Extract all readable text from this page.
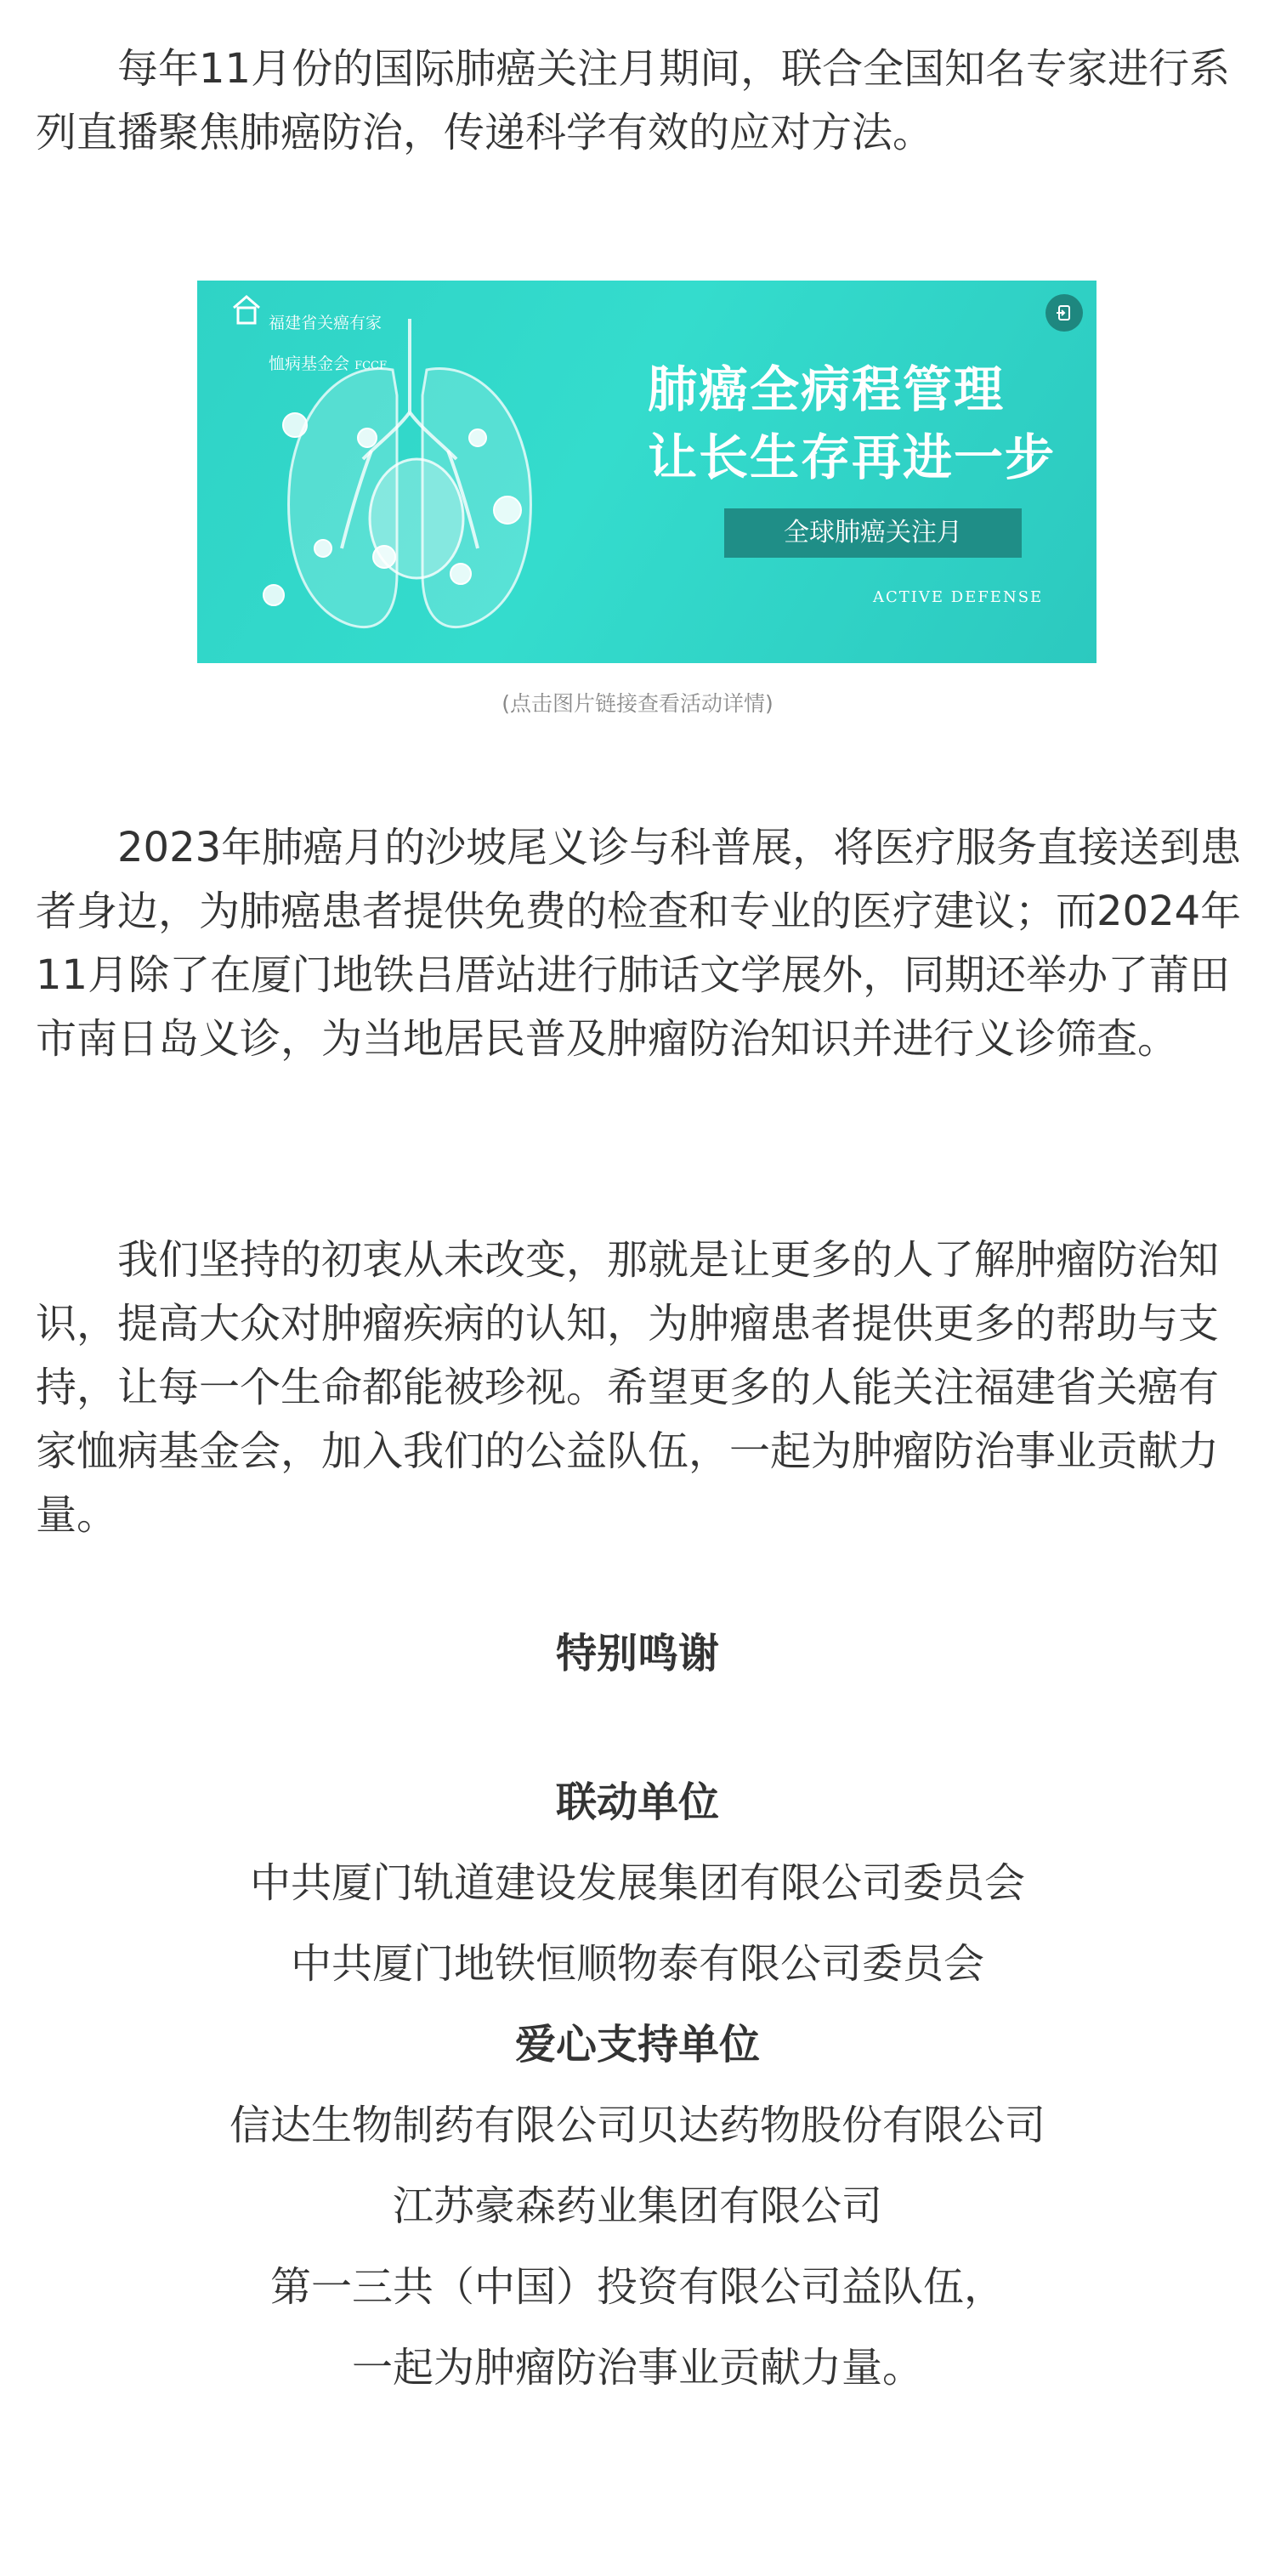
每年11月份的国际肺癌关注月期间，联合全国知名专家进行系列直播聚焦肺癌防治，传递科学有效的应对方法。

福建省关癌有家

恤病基金会 FCCF	肺癌全病程管理
让长生存再进一步
全球肺癌关注月
ACTIVE DEFENSE
(点击图片链接查看活动详情)

2023年肺癌月的沙坡尾义诊与科普展，将医疗服务直接送到患者身边，为肺癌患者提供免费的检查和专业的医疗建议；而2024年11月除了在厦门地铁吕厝站进行肺话文学展外，同期还举办了莆田市南日岛义诊，为当地居民普及肿瘤防治知识并进行义诊筛查。

我们坚持的初衷从未改变，那就是让更多的人了解肿瘤防治知识，提高大众对肿瘤疾病的认知，为肿瘤患者提供更多的帮助与支持，让每一个生命都能被珍视。希望更多的人能关注福建省关癌有家恤病基金会，加入我们的公益队伍，一起为肿瘤防治事业贡献力量。

特别鸣谢
联动单位
中共厦门轨道建设发展集团有限公司委员会
中共厦门地铁恒顺物泰有限公司委员会
爱心支持单位
信达生物制药有限公司贝达药物股份有限公司
江苏豪森药业集团有限公司
第一三共（中国）投资有限公司益队伍，
一起为肿瘤防治事业贡献力量。
